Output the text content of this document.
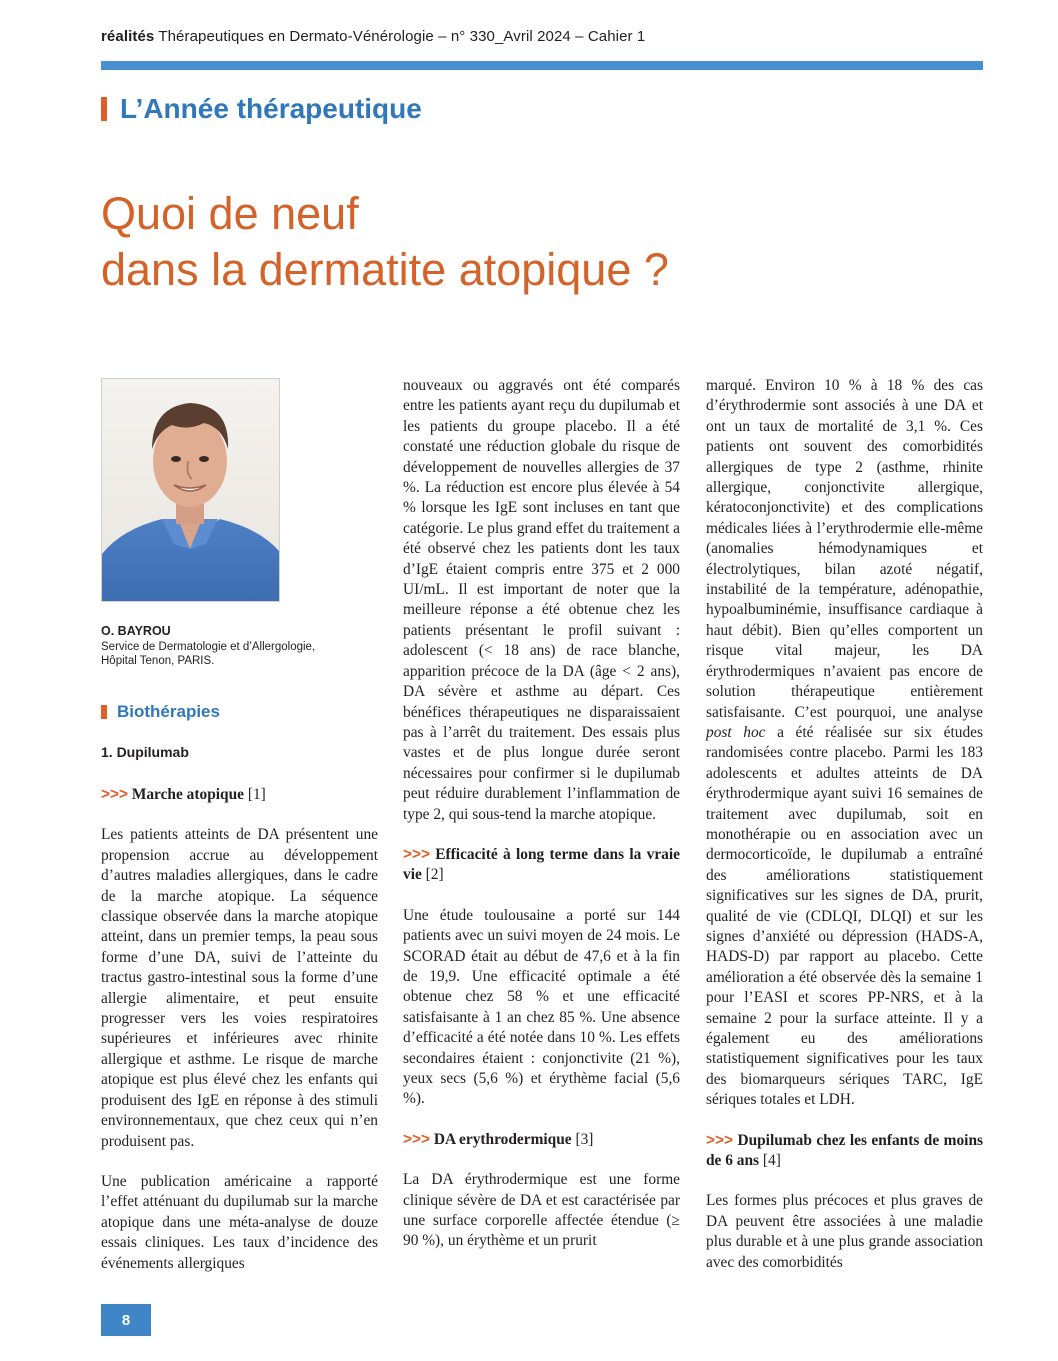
réalités Thérapeutiques en Dermato-Vénérologie – n° 330_Avril 2024 – Cahier 1
L’Année thérapeutique
Quoi de neuf
dans la dermatite atopique ?
O. BAYROU
Service de Dermatologie et d’Allergologie,
Hôpital Tenon, PARIS.
Biothérapies
1. Dupilumab

>>> Marche atopique [1]

Les patients atteints de DA présentent une propension accrue au développement d’autres maladies allergiques, dans le cadre de la marche atopique. La séquence classique observée dans la marche atopique atteint, dans un premier temps, la peau sous forme d’une DA, suivi de l’atteinte du tractus gastro-intestinal sous la forme d’une allergie alimentaire, et peut ensuite progresser vers les voies respiratoires supérieures et inférieures avec rhinite allergique et asthme. Le risque de marche atopique est plus élevé chez les enfants qui produisent des IgE en réponse à des stimuli environnementaux, que chez ceux qui n’en produisent pas.

Une publication américaine a rapporté l’effet atténuant du dupilumab sur la marche atopique dans une méta-analyse de douze essais cliniques. Les taux d’incidence des événements allergiques

nouveaux ou aggravés ont été comparés entre les patients ayant reçu du dupilumab et les patients du groupe placebo. Il a été constaté une réduction globale du risque de développement de nouvelles allergies de 37 %. La réduction est encore plus élevée à 54 % lorsque les IgE sont incluses en tant que catégorie. Le plus grand effet du traitement a été observé chez les patients dont les taux d’IgE étaient compris entre 375 et 2 000 UI/mL. Il est important de noter que la meilleure réponse a été obtenue chez les patients présentant le profil suivant : adolescent (< 18 ans) de race blanche, apparition précoce de la DA (âge < 2 ans), DA sévère et asthme au départ. Ces bénéfices thérapeutiques ne disparaissaient pas à l’arrêt du traitement. Des essais plus vastes et de plus longue durée seront nécessaires pour confirmer si le dupilumab peut réduire durablement l’inflammation de type 2, qui sous-tend la marche atopique.

>>> Efficacité à long terme dans la vraie vie [2]

Une étude toulousaine a porté sur 144 patients avec un suivi moyen de 24 mois. Le SCORAD était au début de 47,6 et à la fin de 19,9. Une efficacité optimale a été obtenue chez 58 % et une efficacité satisfaisante à 1 an chez 85 %. Une absence d’efficacité a été notée dans 10 %. Les effets secondaires étaient : conjonctivite (21 %), yeux secs (5,6 %) et érythème facial (5,6 %).

>>> DA erythrodermique [3]

La DA érythrodermique est une forme clinique sévère de DA et est caractérisée par une surface corporelle affectée étendue (≥ 90 %), un érythème et un prurit

marqué. Environ 10 % à 18 % des cas d’érythrodermie sont associés à une DA et ont un taux de mortalité de 3,1 %. Ces patients ont souvent des comorbidités allergiques de type 2 (asthme, rhinite allergique, conjonctivite allergique, kératoconjonctivite) et des complications médicales liées à l’erythrodermie elle-même (anomalies hémodynamiques et électrolytiques, bilan azoté négatif, instabilité de la température, adénopathie, hypoalbuminémie, insuffisance cardiaque à haut débit). Bien qu’elles comportent un risque vital majeur, les DA érythrodermiques n’avaient pas encore de solution thérapeutique entièrement satisfaisante. C’est pourquoi, une analyse post hoc a été réalisée sur six études randomisées contre placebo. Parmi les 183 adolescents et adultes atteints de DA érythrodermique ayant suivi 16 semaines de traitement avec dupilumab, soit en monothérapie ou en association avec un dermocorticoïde, le dupilumab a entraîné des améliorations statistiquement significatives sur les signes de DA, prurit, qualité de vie (CDLQI, DLQI) et sur les signes d’anxiété ou dépression (HADS-A, HADS-D) par rapport au placebo. Cette amélioration a été observée dès la semaine 1 pour l’EASI et scores PP-NRS, et à la semaine 2 pour la surface atteinte. Il y a également eu des améliorations statistiquement significatives pour les taux des biomarqueurs sériques TARC, IgE sériques totales et LDH.

>>> Dupilumab chez les enfants de moins de 6 ans [4]

Les formes plus précoces et plus graves de DA peuvent être associées à une maladie plus durable et à une plus grande association avec des comorbidités

8
